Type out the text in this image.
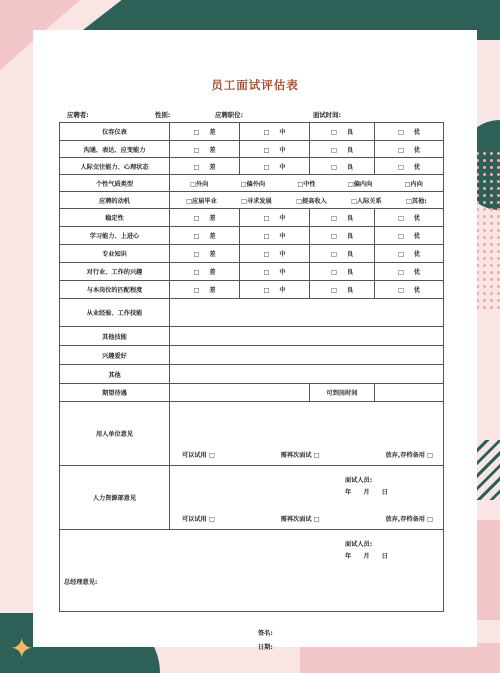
✦
员工面试评估表
应聘者:	性别:	应聘职位:	面试时间:
仪容仪表	□ 差	□ 中	□ 良	□ 优
沟通、表达、应变能力	□ 差	□ 中	□ 良	□ 优
人际交往能力、心理状态	□ 差	□ 中	□ 良	□ 优
个性气质类型	□外向 □偏外向 □中性 □偏内向 □内向			

应聘的动机	□应届毕业 □寻求发展 □提高收入 □人际关系 □其他:			

稳定性	□ 差	□ 中	□ 良	□ 优
学习能力、上进心	□ 差	□ 中	□ 良	□ 优
专业知识	□ 差	□ 中	□ 良	□ 优
对行业、工作的兴趣	□ 差	□ 中	□ 良	□ 优
与本岗位的匹配程度	□ 差	□ 中	□ 良	□ 优
从业经验、工作技能				
其他技能				
兴趣爱好				
其他				
期望待遇			可到岗时间	
用人单位意见	可以试用 □ 需再次面试 □ 放弃,存档备用 □
面试人员:
年 月 日			

人力资源部意见	可以试用 □ 需再次面试 □ 放弃,存档备用 □
面试人员:
年 月 日			

总经理意见:
签名:
日期:				
